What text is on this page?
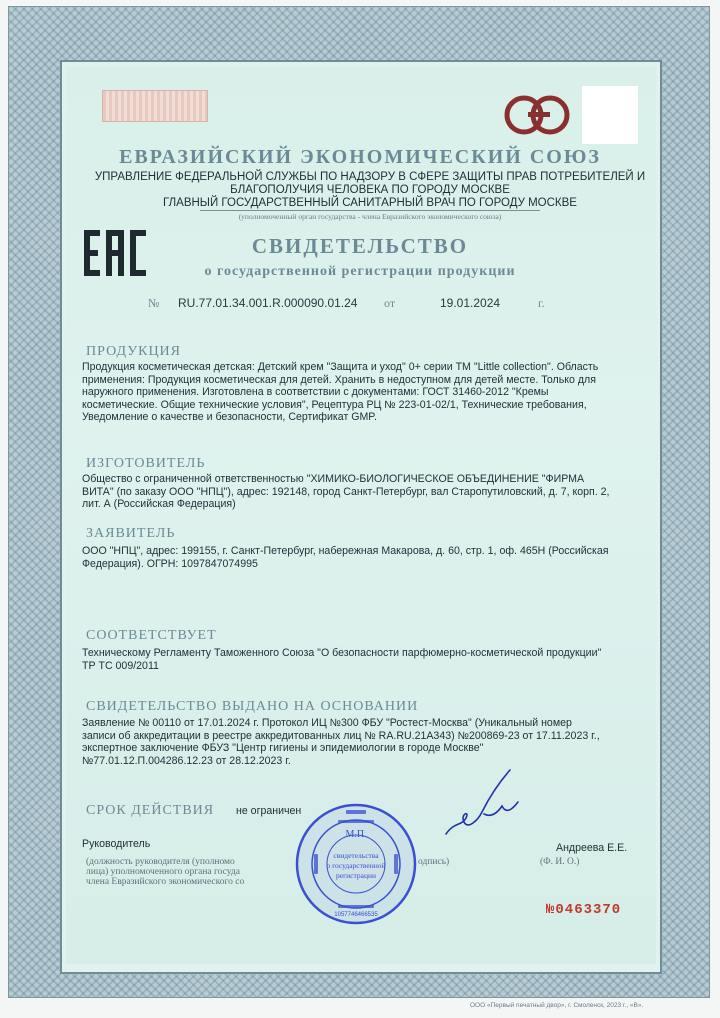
ЕВРАЗИЙСКИЙ ЭКОНОМИЧЕСКИЙ СОЮЗ
УПРАВЛЕНИЕ ФЕДЕРАЛЬНОЙ СЛУЖБЫ ПО НАДЗОРУ В СФЕРЕ ЗАЩИТЫ ПРАВ ПОТРЕБИТЕЛЕЙ И
БЛАГОПОЛУЧИЯ ЧЕЛОВЕКА ПО ГОРОДУ МОСКВЕ
ГЛАВНЫЙ ГОСУДАРСТВЕННЫЙ САНИТАРНЫЙ ВРАЧ ПО ГОРОДУ МОСКВЕ
(уполномоченный орган государства - члена Евразийского экономического союза)
СВИДЕТЕЛЬСТВО
о государственной регистрации продукции
№ RU.77.01.34.001.R.000090.01.24 от	19.01.2024	г.
ПРОДУКЦИЯ
Продукция косметическая детская: Детский крем "Защита и уход" 0+ серии ТМ "Little collection". Область
применения: Продукция косметическая для детей. Хранить в недоступном для детей месте. Только для
наружного применения. Изготовлена в соответствии с документами: ГОСТ 31460-2012 "Кремы
косметические. Общие технические условия", Рецептура РЦ № 223-01-02/1, Технические требования,
Уведомление о качестве и безопасности, Сертификат GMP.
ИЗГОТОВИТЕЛЬ
Общество с ограниченной ответственностью "ХИМИКО-БИОЛОГИЧЕСКОЕ ОБЪЕДИНЕНИЕ "ФИРМА
ВИТА" (по заказу ООО "НПЦ"), адрес: 192148, город Санкт-Петербург, вал Старопутиловский, д. 7, корп. 2,
лит. А (Российская Федерация)
ЗАЯВИТЕЛЬ
ООО "НПЦ", адрес: 199155, г. Санкт-Петербург, набережная Макарова, д. 60, стр. 1, оф. 465Н (Российская
Федерация). ОГРН: 1097847074995
СООТВЕТСТВУЕТ
Техническому Регламенту Таможенного Союза "О безопасности парфюмерно-косметической продукции"
ТР ТС 009/2011
СВИДЕТЕЛЬСТВО ВЫДАНО НА ОСНОВАНИИ
Заявление № 00110 от 17.01.2024 г. Протокол ИЦ №300 ФБУ "Ростест-Москва" (Уникальный номер
записи об аккредитации в реестре аккредитованных лиц № RA.RU.21A343) №200869-23 от 17.11.2023 г.,
экспертное заключение ФБУЗ "Центр гигиены и эпидемиологии в городе Москве"
№77.01.12.П.004286.12.23 от 28.12.2023 г.
СРОК ДЕЙСТВИЯ не ограничен
Руководитель	Андреева Е.Е.
(должность руководителя (уполномо
лица) уполномоченного органа госуда
члена Евразийского экономического со
одпись)	(Ф. И. О.)
М.П.
свидетельства
о государственной
регистрации
1057746466535	№0463370
ООО «Первый печатный двор», г. Смоленск, 2023 г., «В».
